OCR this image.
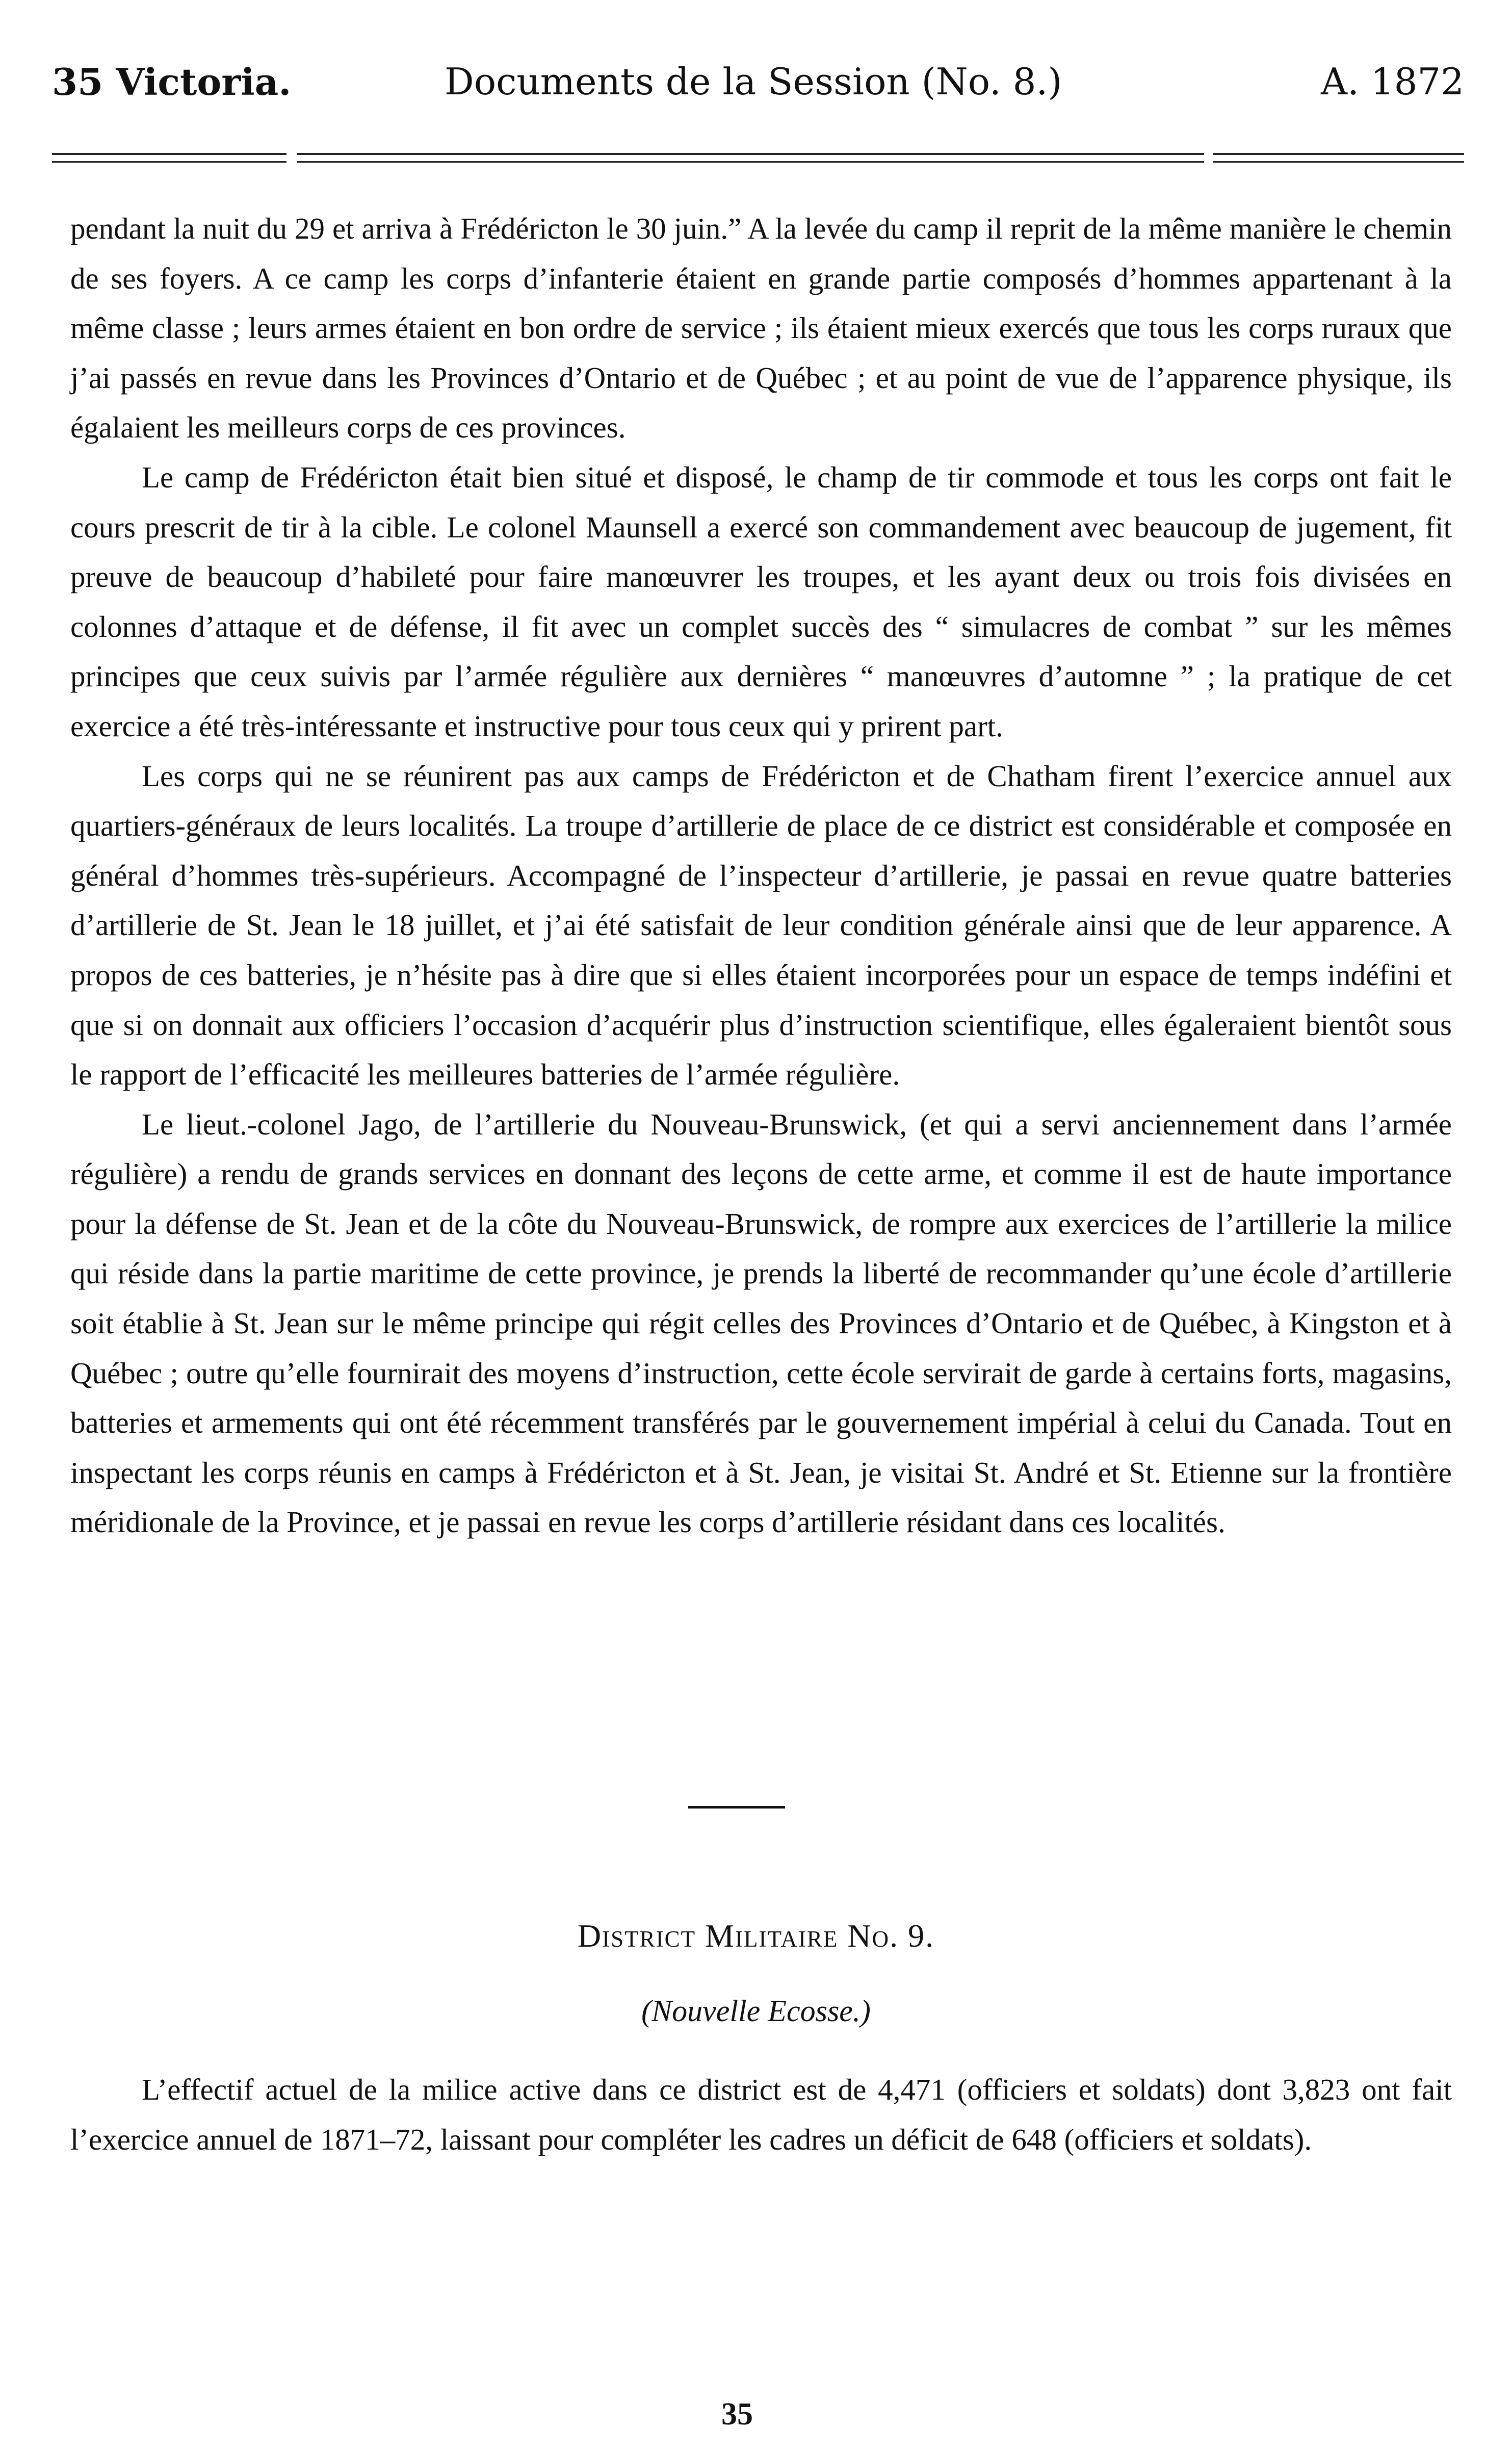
35 Victoria.	Documents de la Session (No. 8.)	A. 1872

pendant la nuit du 29 et arriva à Frédéricton le 30 juin.” A la levée du camp il reprit de la même manière le chemin de ses foyers. A ce camp les corps d’infanterie étaient en grande partie composés d’hommes appartenant à la même classe ; leurs armes étaient en bon ordre de service ; ils étaient mieux exercés que tous les corps ruraux que j’ai passés en revue dans les Provinces d’Ontario et de Québec ; et au point de vue de l’apparence physique, ils égalaient les meilleurs corps de ces provinces.

Le camp de Frédéricton était bien situé et disposé, le champ de tir commode et tous les corps ont fait le cours prescrit de tir à la cible. Le colonel Maunsell a exercé son commandement avec beaucoup de jugement, fit preuve de beaucoup d’habileté pour faire manœuvrer les troupes, et les ayant deux ou trois fois divisées en colonnes d’attaque et de défense, il fit avec un complet succès des “ simulacres de combat ” sur les mêmes principes que ceux suivis par l’armée régulière aux dernières “ manœuvres d’automne ” ; la pratique de cet exercice a été très-intéressante et instructive pour tous ceux qui y prirent part.

Les corps qui ne se réunirent pas aux camps de Frédéricton et de Chatham firent l’exercice annuel aux quartiers-généraux de leurs localités. La troupe d’artillerie de place de ce district est considérable et composée en général d’hommes très-supérieurs. Accompagné de l’inspecteur d’artillerie, je passai en revue quatre batteries d’artillerie de St. Jean le 18 juillet, et j’ai été satisfait de leur condition générale ainsi que de leur apparence. A propos de ces batteries, je n’hésite pas à dire que si elles étaient incorporées pour un espace de temps indéfini et que si on donnait aux officiers l’occasion d’acquérir plus d’instruction scientifique, elles égaleraient bientôt sous le rapport de l’efficacité les meilleures batteries de l’armée régulière.

Le lieut.-colonel Jago, de l’artillerie du Nouveau-Brunswick, (et qui a servi anciennement dans l’armée régulière) a rendu de grands services en donnant des leçons de cette arme, et comme il est de haute importance pour la défense de St. Jean et de la côte du Nouveau-Brunswick, de rompre aux exercices de l’artillerie la milice qui réside dans la partie maritime de cette province, je prends la liberté de recommander qu’une école d’artillerie soit établie à St. Jean sur le même principe qui régit celles des Provinces d’Ontario et de Québec, à Kingston et à Québec ; outre qu’elle fournirait des moyens d’instruction, cette école servirait de garde à certains forts, magasins, batteries et armements qui ont été récemment transférés par le gouvernement impérial à celui du Canada. Tout en inspectant les corps réunis en camps à Frédéricton et à St. Jean, je visitai St. André et St. Etienne sur la frontière méridionale de la Province, et je passai en revue les corps d’artillerie résidant dans ces localités.

District Militaire No. 9.
(Nouvelle Ecosse.)

L’effectif actuel de la milice active dans ce district est de 4,471 (officiers et soldats) dont 3,823 ont fait l’exercice annuel de 1871–72, laissant pour compléter les cadres un déficit de 648 (officiers et soldats).

35
